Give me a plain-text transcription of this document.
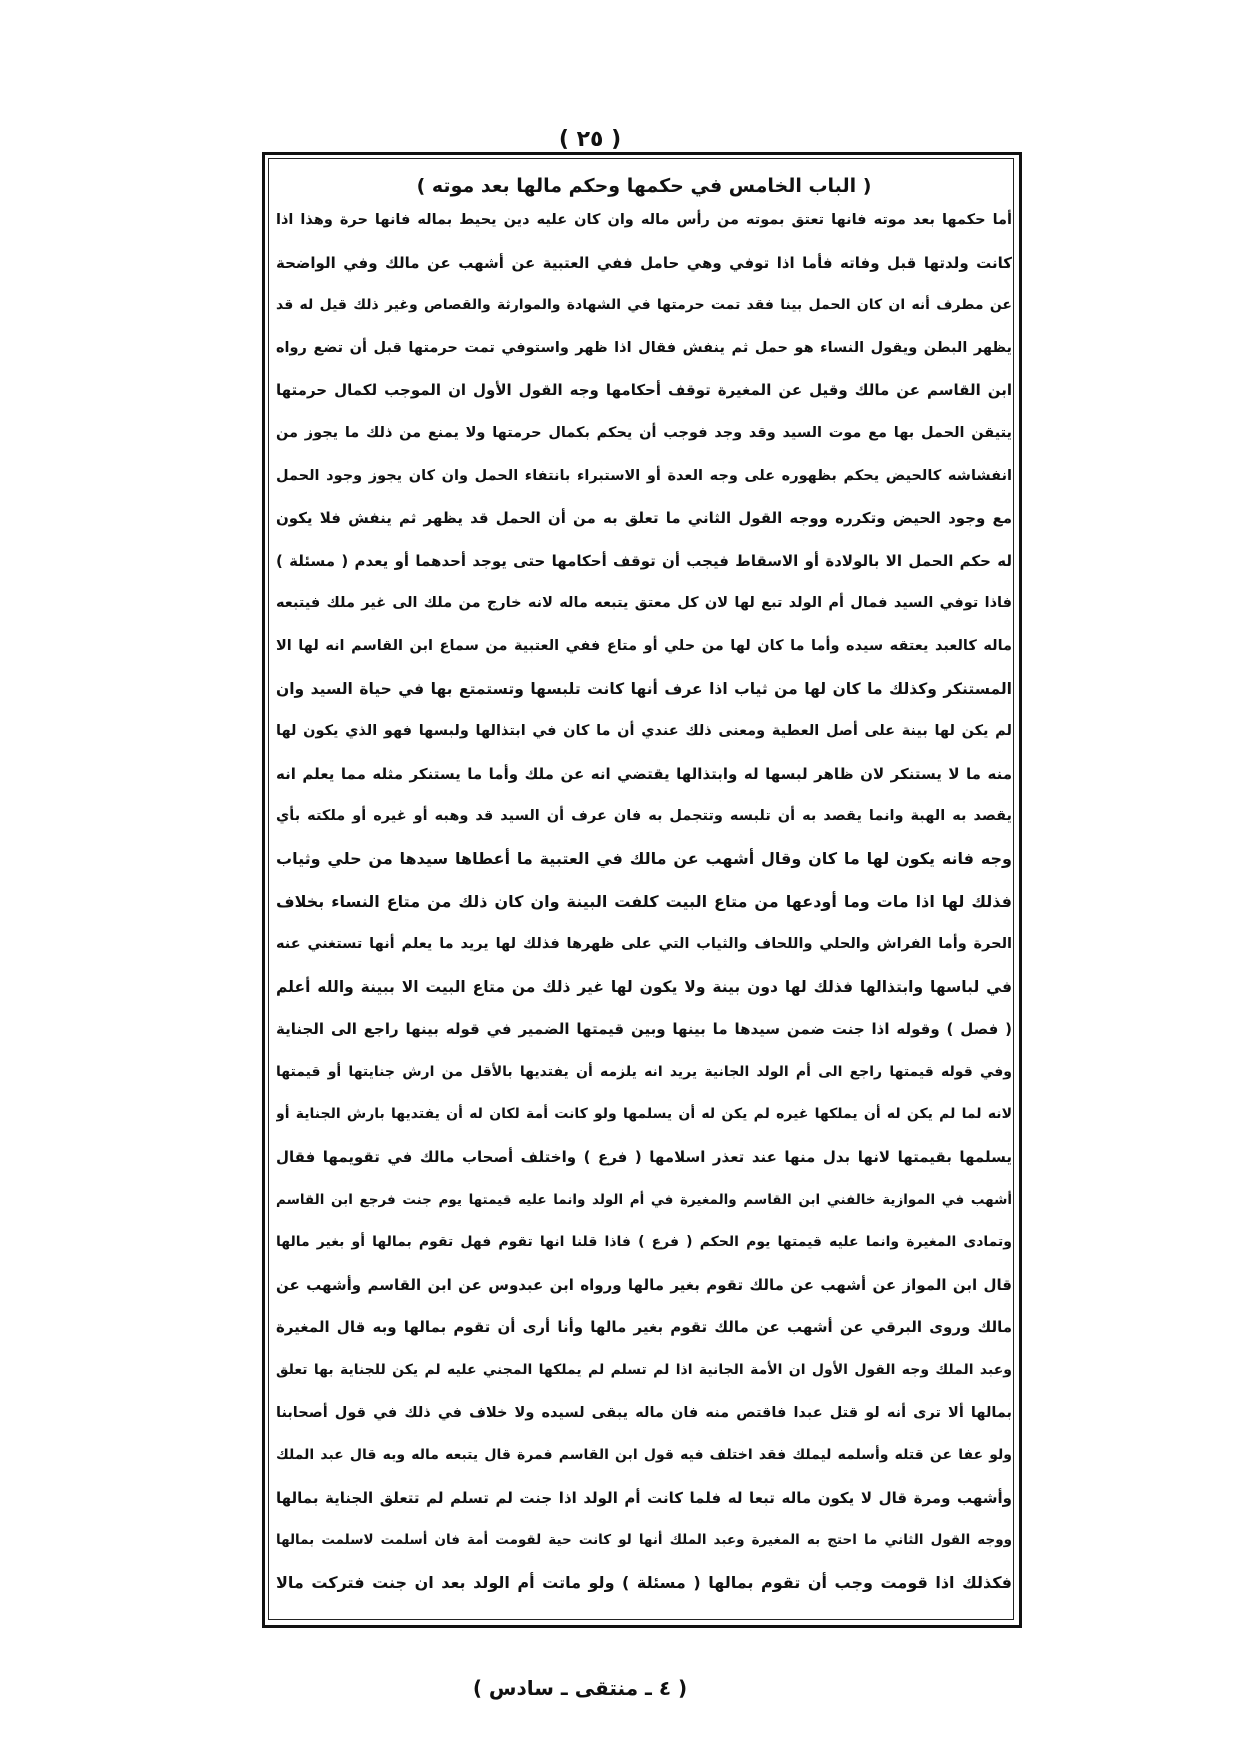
( ٢٥ )
( الباب الخامس في حكمها وحكم مالها بعد موته )
أما حكمها بعد موته فانها تعتق بموته من رأس ماله وان كان عليه دين يحيط بماله فانها حرة وهذا اذا
كانت ولدتها قبل وفاته فأما اذا توفي وهي حامل ففي العتبية عن أشهب عن مالك وفي الواضحة
عن مطرف أنه ان كان الحمل بينا فقد تمت حرمتها في الشهادة والموارثة والقصاص وغير ذلك قيل له قد
يظهر البطن ويقول النساء هو حمل ثم ينفش فقال اذا ظهر واستوفي تمت حرمتها قبل أن تضع رواه
ابن القاسم عن مالك وقيل عن المغيرة توقف أحكامها وجه القول الأول ان الموجب لكمال حرمتها
يتيقن الحمل بها مع موت السيد وقد وجد فوجب أن يحكم بكمال حرمتها ولا يمنع من ذلك ما يجوز من
انفشاشه كالحيض يحكم بظهوره على وجه العدة أو الاستبراء بانتفاء الحمل وان كان يجوز وجود الحمل
مع وجود الحيض وتكرره ووجه القول الثاني ما تعلق به من أن الحمل قد يظهر ثم ينفش فلا يكون
له حكم الحمل الا بالولادة أو الاسقاط فيجب أن توقف أحكامها حتى يوجد أحدهما أو يعدم ( مسئلة )
فاذا توفي السيد فمال أم الولد تبع لها لان كل معتق يتبعه ماله لانه خارج من ملك الى غير ملك فيتبعه
ماله كالعبد يعتقه سيده وأما ما كان لها من حلي أو متاع ففي العتبية من سماع ابن القاسم انه لها الا
المستنكر وكذلك ما كان لها من ثياب اذا عرف أنها كانت تلبسها وتستمتع بها في حياة السيد وان
لم يكن لها بينة على أصل العطية ومعنى ذلك عندي أن ما كان في ابتذالها ولبسها فهو الذي يكون لها
منه ما لا يستنكر لان ظاهر لبسها له وابتذالها يقتضي انه عن ملك وأما ما يستنكر مثله مما يعلم انه
يقصد به الهبة وانما يقصد به أن تلبسه وتتجمل به فان عرف أن السيد قد وهبه أو غيره أو ملكته بأي
وجه فانه يكون لها ما كان وقال أشهب عن مالك في العتبية ما أعطاها سيدها من حلي وثياب
فذلك لها اذا مات وما أودعها من متاع البيت كلفت البينة وان كان ذلك من متاع النساء بخلاف
الحرة وأما الفراش والحلي واللحاف والثياب التي على ظهرها فذلك لها يريد ما يعلم أنها تستغني عنه
في لباسها وابتذالها فذلك لها دون بينة ولا يكون لها غير ذلك من متاع البيت الا ببينة والله أعلم
( فصل ) وقوله اذا جنت ضمن سيدها ما بينها وبين قيمتها الضمير في قوله بينها راجع الى الجناية
وفي قوله قيمتها راجع الى أم الولد الجانية يريد انه يلزمه أن يفتديها بالأقل من ارش جنايتها أو قيمتها
لانه لما لم يكن له أن يملكها غيره لم يكن له أن يسلمها ولو كانت أمة لكان له أن يفتديها بارش الجناية أو
يسلمها بقيمتها لانها بدل منها عند تعذر اسلامها ( فرع ) واختلف أصحاب مالك في تقويمها فقال
أشهب في الموازية خالفني ابن القاسم والمغيرة في أم الولد وانما عليه قيمتها يوم جنت فرجع ابن القاسم
وتمادى المغيرة وانما عليه قيمتها يوم الحكم ( فرع ) فاذا قلنا انها تقوم فهل تقوم بمالها أو بغير مالها
قال ابن المواز عن أشهب عن مالك تقوم بغير مالها ورواه ابن عبدوس عن ابن القاسم وأشهب عن
مالك وروى البرقي عن أشهب عن مالك تقوم بغير مالها وأنا أرى أن تقوم بمالها وبه قال المغيرة
وعبد الملك وجه القول الأول ان الأمة الجانية اذا لم تسلم لم يملكها المجني عليه لم يكن للجناية بها تعلق
بمالها ألا ترى أنه لو قتل عبدا فاقتص منه فان ماله يبقى لسيده ولا خلاف في ذلك في قول أصحابنا
ولو عفا عن قتله وأسلمه ليملك فقد اختلف فيه قول ابن القاسم فمرة قال يتبعه ماله وبه قال عبد الملك
وأشهب ومرة قال لا يكون ماله تبعا له فلما كانت أم الولد اذا جنت لم تسلم لم تتعلق الجناية بمالها
ووجه القول الثاني ما احتج به المغيرة وعبد الملك أنها لو كانت حية لقومت أمة فان أسلمت لاسلمت بمالها
فكذلك اذا قومت وجب أن تقوم بمالها ( مسئلة ) ولو ماتت أم الولد بعد ان جنت فتركت مالا
( ٤ ـ منتقى ـ سادس )
